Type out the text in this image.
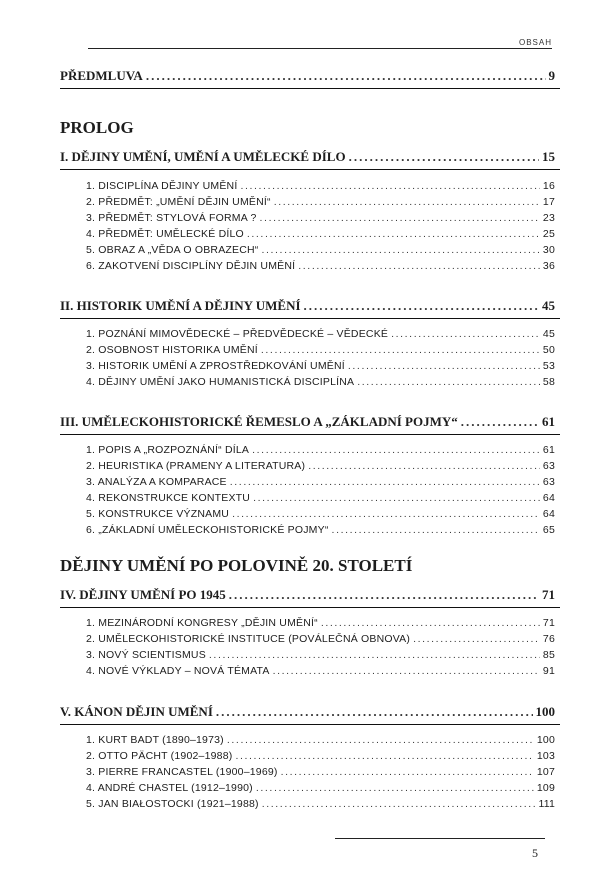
OBSAH
PŘEDMLUVA .....	9
PROLOG
I. DĚJINY UMĚNÍ, UMĚNÍ A UMĚLECKÉ DÍLO .....	15
1. DISCIPLÍNA DĚJINY UMĚNÍ .....	16
2. PŘEDMĚT: „UMĚNÍ DĚJIN UMĚNÍ“ .....	17
3. PŘEDMĚT: STYLOVÁ FORMA ? .....	23
4. PŘEDMĚT: UMĚLECKÉ DÍLO .....	25
5. OBRAZ A „VĚDA O OBRAZECH“ .....	30
6. ZAKOTVENÍ DISCIPLÍNY DĚJIN UMĚNÍ .....	36
II. HISTORIK UMĚNÍ A DĚJINY UMĚNÍ .....	45
1. POZNÁNÍ MIMOVĚDECKÉ – PŘEDVĚDECKÉ – VĚDECKÉ .....	45
2. OSOBNOST HISTORIKA UMĚNÍ .....	50
3. HISTORIK UMĚNÍ A ZPROSTŘEDKOVÁNÍ UMĚNÍ .....	53
4. DĚJINY UMĚNÍ JAKO HUMANISTICKÁ DISCIPLÍNA .....	58
III. UMĚLECKOHISTORICKÉ ŘEMESLO A „ZÁKLADNÍ POJMY“ .....	61
1. POPIS A „ROZPOZNÁNÍ“ DÍLA .....	61
2. HEURISTIKA (PRAMENY A LITERATURA) .....	63
3. ANALÝZA A KOMPARACE .....	63
4. REKONSTRUKCE KONTEXTU .....	64
5. KONSTRUKCE VÝZNAMU .....	64
6. „ZÁKLADNÍ UMĚLECKOHISTORICKÉ POJMY“ .....	65
DĚJINY UMĚNÍ PO POLOVINĚ 20. STOLETÍ
IV. DĚJINY UMĚNÍ PO 1945 .....	71
1. MEZINÁRODNÍ KONGRESY „DĚJIN UMĚNÍ“ .....	71
2. UMĚLECKOHISTORICKÉ INSTITUCE (POVÁLEČNÁ OBNOVA) .....	76
3. NOVÝ SCIENTISMUS .....	85
4. NOVÉ VÝKLADY – NOVÁ TÉMATA .....	91
V. KÁNON DĚJIN UMĚNÍ .....	100
1. KURT BADT (1890–1973) .....	100
2. OTTO PÄCHT (1902–1988) .....	103
3. PIERRE FRANCASTEL (1900–1969) .....	107
4. ANDRÉ CHASTEL (1912–1990) .....	109
5. JAN BIAŁOSTOCKI (1921–1988) .....	111
5
